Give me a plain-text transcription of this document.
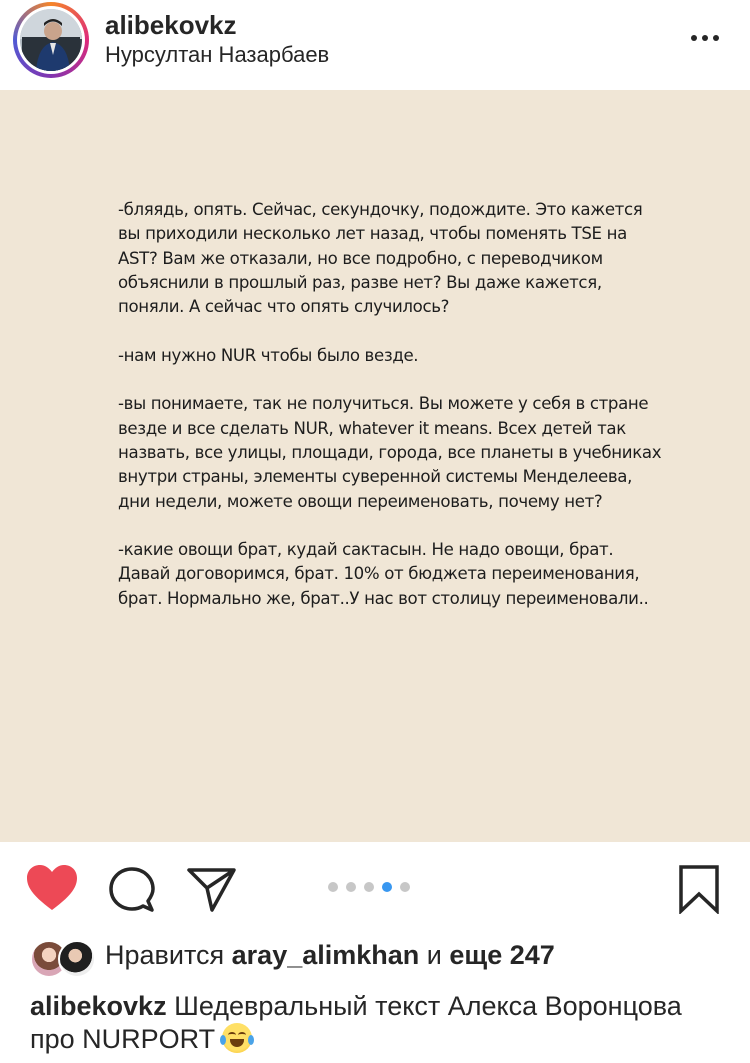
alibekovkz
Нурсултан Назарбаев

-бляядь, опять. Сейчас, секундочку, подождите. Это кажется
вы приходили несколько лет назад, чтобы поменять TSE на
AST? Вам же отказали, но все подробно, с переводчиком
объяснили в прошлый раз, разве нет? Вы даже кажется,
поняли. А сейчас что опять случилось?

-нам нужно NUR чтобы было везде.

-вы понимаете, так не получиться. Вы можете у себя в стране
везде и все сделать NUR, whatever it means. Всех детей так
назвать, все улицы, площади, города, все планеты в учебниках
внутри страны, элементы суверенной системы Менделеева,
дни недели, можете овощи переименовать, почему нет?

-какие овощи брат, кудай сактасын. Не надо овощи, брат.
Давай договоримся, брат. 10% от бюджета переименования,
брат. Нормально же, брат..У нас вот столицу переименовали..

Нравится aray_alimkhan и еще 247
alibekovkz Шедевральный текст Алекса Воронцова про NURPORT
